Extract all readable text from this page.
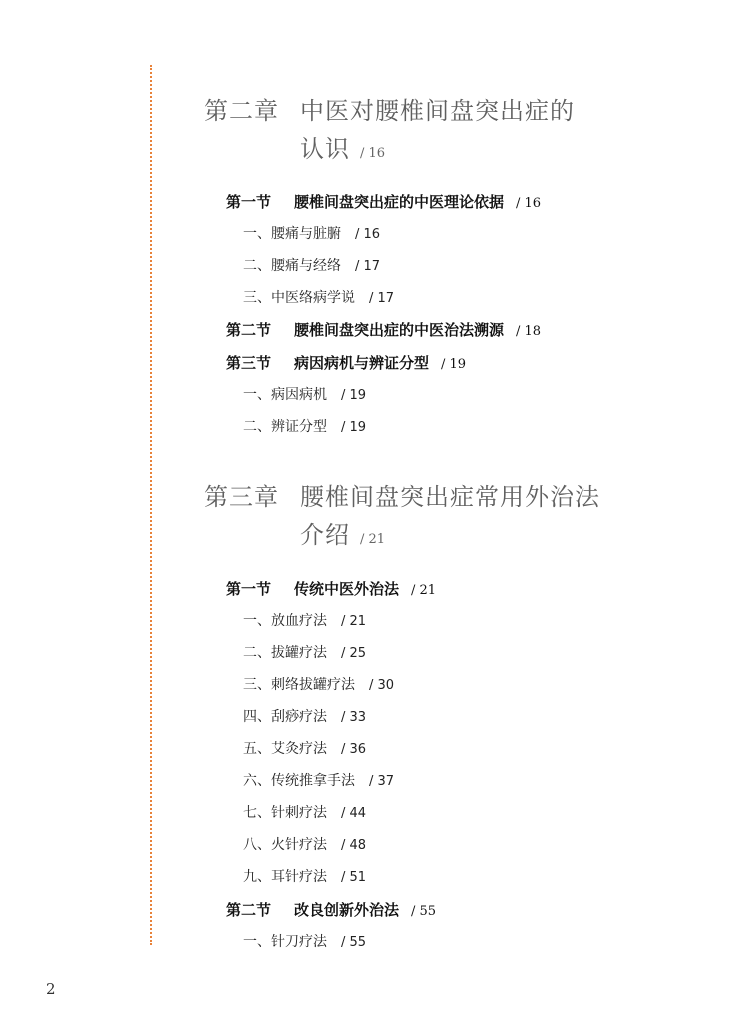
第二章 中医对腰椎间盘突出症的
认识 / 16
第一节 腰椎间盘突出症的中医理论依据 / 16
一、腰痛与脏腑 / 16
二、腰痛与经络 / 17
三、中医络病学说 / 17
第二节 腰椎间盘突出症的中医治法溯源 / 18
第三节 病因病机与辨证分型 / 19
一、病因病机 / 19
二、辨证分型 / 19
第三章 腰椎间盘突出症常用外治法
介绍 / 21
第一节 传统中医外治法 / 21
一、放血疗法 / 21
二、拔罐疗法 / 25
三、刺络拔罐疗法 / 30
四、刮痧疗法 / 33
五、艾灸疗法 / 36
六、传统推拿手法 / 37
七、针刺疗法 / 44
八、火针疗法 / 48
九、耳针疗法 / 51
第二节 改良创新外治法 / 55
一、针刀疗法 / 55
2
